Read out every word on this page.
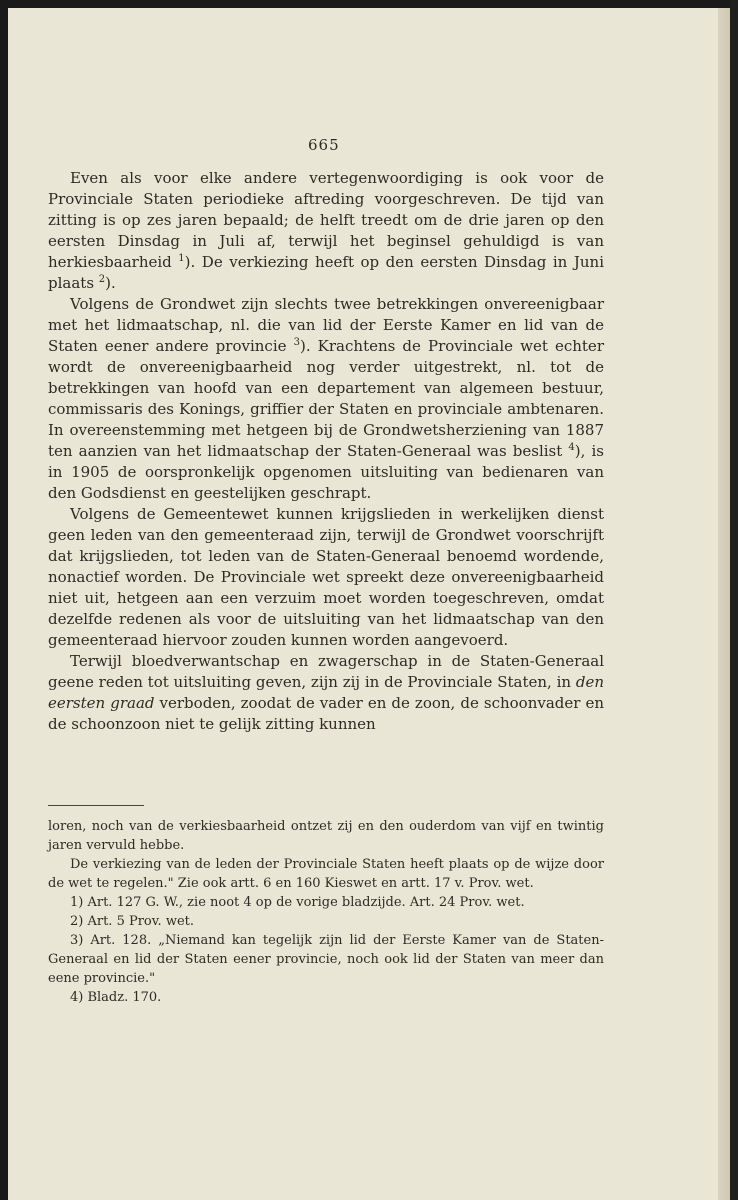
665

Even als voor elke andere vertegenwoordiging is ook voor de Provinciale Staten periodieke aftreding voorgeschreven. De tijd van zitting is op zes jaren bepaald; de helft treedt om de drie jaren op den eersten Dinsdag in Juli af, terwijl het beginsel gehuldigd is van herkiesbaarheid $^1$). De verkiezing heeft op den eersten Dinsdag in Juni plaats $^2$).

Volgens de Grondwet zijn slechts twee betrekkingen onvereenigbaar met het lidmaatschap, nl. die van lid der Eerste Kamer en lid van de Staten eener andere provincie $^3$). Krachtens de Provinciale wet echter wordt de onvereenigbaarheid nog verder uitgestrekt, nl. tot de betrekkingen van hoofd van een departement van algemeen bestuur, commissaris des Konings, griffier der Staten en provinciale ambtenaren. In overeenstemming met hetgeen bij de Grondwetsherziening van 1887 ten aanzien van het lidmaatschap der Staten-Generaal was beslist $^4$), is in 1905 de oorspronkelijk opgenomen uitsluiting van bedienaren van den Godsdienst en geestelijken geschrapt.

Volgens de Gemeentewet kunnen krijgslieden in werkelijken dienst geen leden van den gemeenteraad zijn, terwijl de Grondwet voorschrijft dat krijgslieden, tot leden van de Staten-Generaal benoemd wordende, nonactief worden. De Provinciale wet spreekt deze onvereenigbaarheid niet uit, hetgeen aan een verzuim moet worden toegeschreven, omdat dezelfde redenen als voor de uitsluiting van het lidmaatschap van den gemeenteraad hiervoor zouden kunnen worden aangevoerd.

Terwijl bloedverwantschap en zwagerschap in de Staten-Generaal geene reden tot uitsluiting geven, zijn zij in de Provinciale Staten, in den eersten graad verboden, zoodat de vader en de zoon, de schoonvader en de schoonzoon niet te gelijk zitting kunnen

loren, noch van de verkiesbaarheid ontzet zij en den ouderdom van vijf en twintig jaren vervuld hebbe.

De verkiezing van de leden der Provinciale Staten heeft plaats op de wijze door de wet te regelen." Zie ook artt. 6 en 160 Kieswet en artt. 17 v. Prov. wet.

1) Art. 127 G. W., zie noot 4 op de vorige bladzijde. Art. 24 Prov. wet.

2) Art. 5 Prov. wet.

3) Art. 128. „Niemand kan tegelijk zijn lid der Eerste Kamer van de Staten-Generaal en lid der Staten eener provincie, noch ook lid der Staten van meer dan eene provincie."

4) Bladz. 170.
